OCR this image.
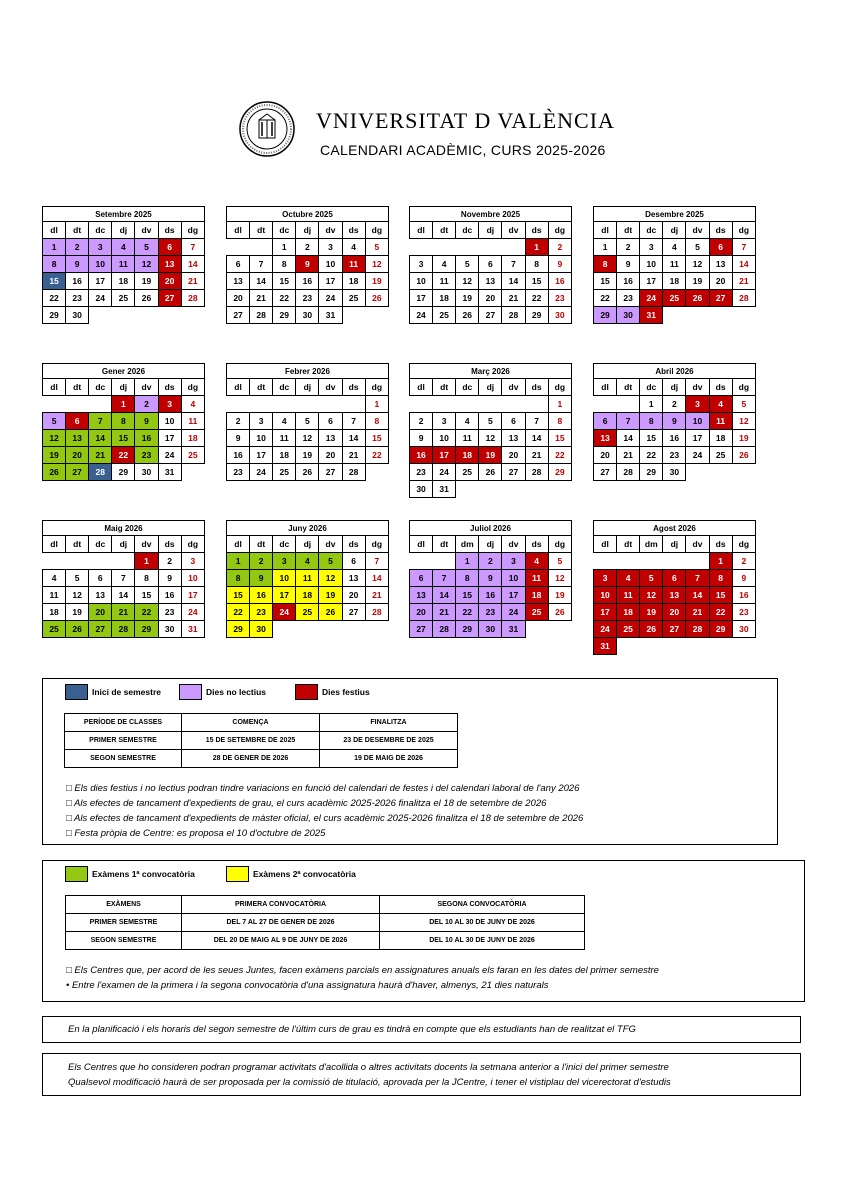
VNIVERSITAT D VALÈNCIA
CALENDARI ACADÈMIC, CURS 2025-2026
Setembre 2025						
dl	dt	dc	dj	dv	ds	dg
1	2	3	4	5	6	7
8	9	10	11	12	13	14
15	16	17	18	19	20	21
22	23	24	25	26	27	28
29	30					
Octubre 2025						
dl	dt	dc	dj	dv	ds	dg
		1	2	3	4	5
6	7	8	9	10	11	12
13	14	15	16	17	18	19
20	21	22	23	24	25	26
27	28	29	30	31		
Novembre 2025						
dl	dt	dc	dj	dv	ds	dg
					1	2
3	4	5	6	7	8	9
10	11	12	13	14	15	16
17	18	19	20	21	22	23
24	25	26	27	28	29	30
Desembre 2025						
dl	dt	dc	dj	dv	ds	dg
1	2	3	4	5	6	7
8	9	10	11	12	13	14
15	16	17	18	19	20	21
22	23	24	25	26	27	28
29	30	31				
Gener 2026						
dl	dt	dc	dj	dv	ds	dg
			1	2	3	4
5	6	7	8	9	10	11
12	13	14	15	16	17	18
19	20	21	22	23	24	25
26	27	28	29	30	31	
Febrer 2026						
dl	dt	dc	dj	dv	ds	dg
						1
2	3	4	5	6	7	8
9	10	11	12	13	14	15
16	17	18	19	20	21	22
23	24	25	26	27	28	
Març 2026						
dl	dt	dc	dj	dv	ds	dg
						1
2	3	4	5	6	7	8
9	10	11	12	13	14	15
16	17	18	19	20	21	22
23	24	25	26	27	28	29
30	31					
Abril 2026						
dl	dt	dc	dj	dv	ds	dg
		1	2	3	4	5
6	7	8	9	10	11	12
13	14	15	16	17	18	19
20	21	22	23	24	25	26
27	28	29	30			
Maig 2026						
dl	dt	dc	dj	dv	ds	dg
				1	2	3
4	5	6	7	8	9	10
11	12	13	14	15	16	17
18	19	20	21	22	23	24
25	26	27	28	29	30	31
Juny 2026						
dl	dt	dc	dj	dv	ds	dg
1	2	3	4	5	6	7
8	9	10	11	12	13	14
15	16	17	18	19	20	21
22	23	24	25	26	27	28
29	30					
Juliol 2026						
dl	dt	dm	dj	dv	ds	dg
		1	2	3	4	5
6	7	8	9	10	11	12
13	14	15	16	17	18	19
20	21	22	23	24	25	26
27	28	29	30	31		
Agost 2026						
dl	dt	dm	dj	dv	ds	dg
					1	2
3	4	5	6	7	8	9
10	11	12	13	14	15	16
17	18	19	20	21	22	23
24	25	26	27	28	29	30
31						
Inici de semestre	Dies no lectius	Dies festius
PERÍODE DE CLASSES	COMENÇA	FINALITZA
PRIMER SEMESTRE	15 DE SETEMBRE DE 2025	23 DE DESEMBRE DE 2025
SEGON SEMESTRE	28 DE GENER DE 2026	19 DE MAIG DE 2026
□ Els dies festius i no lectius podran tindre variacions en funció del calendari de festes i del calendari laboral de l'any 2026
□ Als efectes de tancament d'expedients de grau, el curs acadèmic 2025-2026 finalitza el 18 de setembre de 2026
□ Als efectes de tancament d'expedients de màster oficial, el curs acadèmic 2025-2026 finalitza el 18 de setembre de 2026
□ Festa pròpia de Centre: es proposa el 10 d'octubre de 2025
Exàmens 1ª convocatòria	Exàmens 2ª convocatòria
EXÀMENS	PRIMERA CONVOCATÒRIA	SEGONA CONVOCATÒRIA
PRIMER SEMESTRE	DEL 7 AL 27 DE GENER DE 2026	DEL 10 AL 30 DE JUNY DE 2026
SEGON SEMESTRE	DEL 20 DE MAIG AL 9 DE JUNY DE 2026	DEL 10 AL 30 DE JUNY DE 2026
□ Els Centres que, per acord de les seues Juntes, facen exàmens parcials en assignatures anuals els faran en les dates del primer semestre
• Entre l'examen de la primera i la segona convocatòria d'una assignatura haurà d'haver, almenys, 21 dies naturals
En la planificació i els horaris del segon semestre de l'últim curs de grau es tindrà en compte que els estudiants han de realitzat el TFG
Els Centres que ho consideren podran programar activitats d'acollida o altres activitats docents la setmana anterior a l'inici del primer semestre
Qualsevol modificació haurà de ser proposada per la comissió de titulació, aprovada per la JCentre, i tener el vistiplau del vicerectorat d'estudis
